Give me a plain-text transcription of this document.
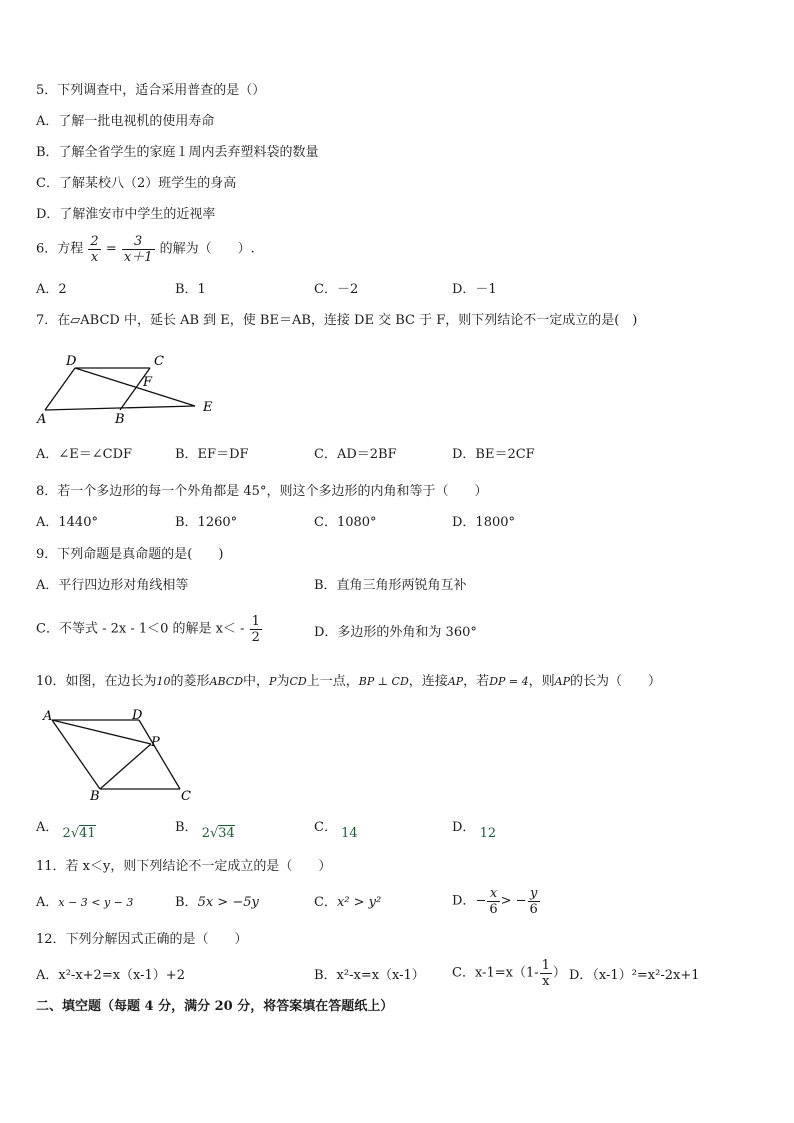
5．下列调查中，适合采用普查的是（）
A．了解一批电视机的使用寿命
B．了解全省学生的家庭１周内丢弃塑料袋的数量
C．了解某校八（2）班学生的身高
D．了解淮安市中学生的近视率
6．方程 $\frac{2}{x} = \frac{3}{x+1}$ 的解为（　　）.
A．2	B．1	C．－2	D．－1
7．在▱ABCD 中，延长 AB 到 E，使 BE＝AB，连接 DE 交 BC 于 F，则下列结论不一定成立的是(　)
D	C
F
A	B
E
A．∠E＝∠CDF	B．EF＝DF	C．AD＝2BF	D．BE＝2CF
8．若一个多边形的每一个外角都是 45°，则这个多边形的内角和等于（　　）
A．1440°	B．1260°	C．1080°	D．1800°
9．下列命题是真命题的是(　　)
A．平行四边形对角线相等	B．直角三角形两锐角互补
C．不等式 - 2x - 1＜0 的解是 $x< - \frac{1}{2}$	D．多边形的外角和为 360°
10．如图，在边长为10的菱形ABCD中，P为CD上一点，BP ⊥ CD，连接AP，若DP = 4，则AP的长为（　　）
A	D
P
B	C
A． 2√41	B． 2√34	C． 14	D． 12
11．若 x＜y，则下列结论不一定成立的是（　　）
A．x − 3 < y − 3	B．5x > −5y	C．x² > y²	D．− $\frac{x}{6}$ > − $\frac{y}{6}$
12．下列分解因式正确的是（　　）
A．x²-x+2=x（x-1）+2	B．x²-x=x（x-1） C．$x-1=x(1- \frac{1}{x}$ ） D．（x-1）²=x²-2x+1
二、填空题（每题 4 分，满分 20 分，将答案填在答题纸上）
